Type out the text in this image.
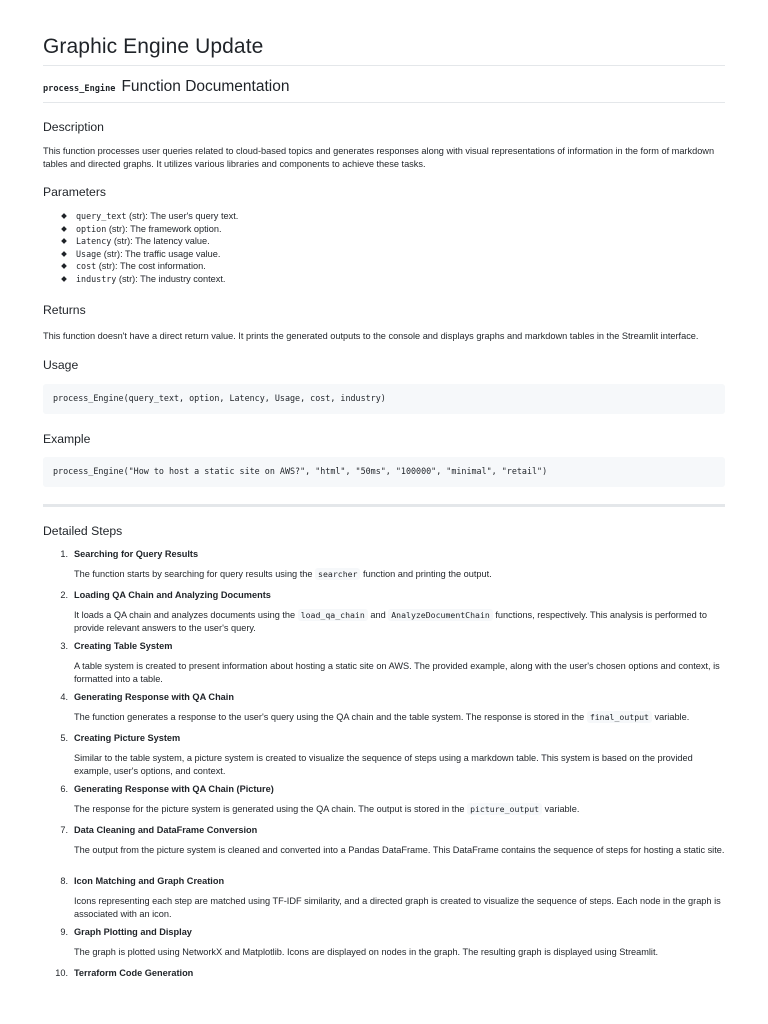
Graphic Engine Update
process_Engine Function Documentation
Description
This function processes user queries related to cloud-based topics and generates responses along with visual representations of information in the form of markdown tables and directed graphs. It utilizes various libraries and components to achieve these tasks.
Parameters
query_text (str): The user's query text.
option (str): The framework option.
Latency (str): The latency value.
Usage (str): The traffic usage value.
cost (str): The cost information.
industry (str): The industry context.
Returns
This function doesn't have a direct return value. It prints the generated outputs to the console and displays graphs and markdown tables in the Streamlit interface.
Usage
process_Engine(query_text, option, Latency, Usage, cost, industry)
Example
process_Engine("How to host a static site on AWS?", "html", "50ms", "100000", "minimal", "retail")
Detailed Steps
1. Searching for Query Results
The function starts by searching for query results using the searcher function and printing the output.
2. Loading QA Chain and Analyzing Documents
It loads a QA chain and analyzes documents using the load_qa_chain and AnalyzeDocumentChain functions, respectively. This analysis is performed to provide relevant answers to the user's query.
3. Creating Table System
A table system is created to present information about hosting a static site on AWS. The provided example, along with the user's chosen options and context, is formatted into a table.
4. Generating Response with QA Chain
The function generates a response to the user's query using the QA chain and the table system. The response is stored in the final_output variable.
5. Creating Picture System
Similar to the table system, a picture system is created to visualize the sequence of steps using a markdown table. This system is based on the provided example, user's options, and context.
6. Generating Response with QA Chain (Picture)
The response for the picture system is generated using the QA chain. The output is stored in the picture_output variable.
7. Data Cleaning and DataFrame Conversion
The output from the picture system is cleaned and converted into a Pandas DataFrame. This DataFrame contains the sequence of steps for hosting a static site.
8. Icon Matching and Graph Creation
Icons representing each step are matched using TF-IDF similarity, and a directed graph is created to visualize the sequence of steps. Each node in the graph is associated with an icon.
9. Graph Plotting and Display
The graph is plotted using NetworkX and Matplotlib. Icons are displayed on nodes in the graph. The resulting graph is displayed using Streamlit.
10. Terraform Code Generation
